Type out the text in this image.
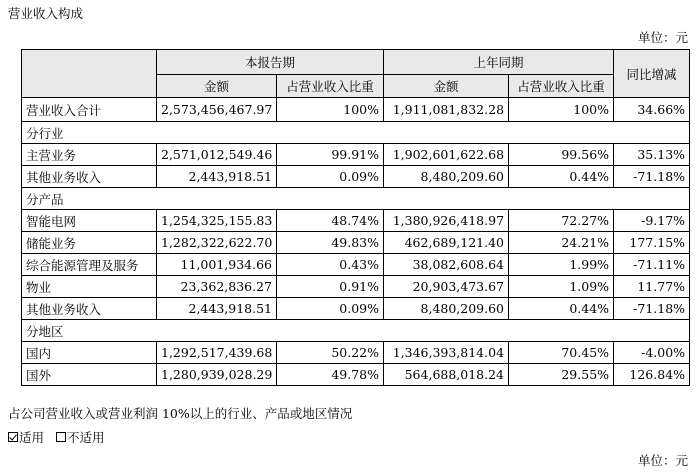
营业收入构成
单位：元
	本报告期		上年同期		同比增减
	金额	占营业收入比重	金额	占营业收入比重	
营业收入合计	2,573,456,467.97	100%	1,911,081,832.28	100%	34.66%
分行业					
主营业务	2,571,012,549.46	99.91%	1,902,601,622.68	99.56%	35.13%
其他业务收入	2,443,918.51	0.09%	8,480,209.60	0.44%	-71.18%
分产品					
智能电网	1,254,325,155.83	48.74%	1,380,926,418.97	72.27%	-9.17%
储能业务	1,282,322,622.70	49.83%	462,689,121.40	24.21%	177.15%
综合能源管理及服务	11,001,934.66	0.43%	38,082,608.64	1.99%	-71.11%
物业	23,362,836.27	0.91%	20,903,473.67	1.09%	11.77%
其他业务收入	2,443,918.51	0.09%	8,480,209.60	0.44%	-71.18%
分地区					
国内	1,292,517,439.68	50.22%	1,346,393,814.04	70.45%	-4.00%
国外	1,280,939,028.29	49.78%	564,688,018.24	29.55%	126.84%
占公司营业收入或营业利润 10%以上的行业、产品或地区情况
适用 不适用
单位：元
